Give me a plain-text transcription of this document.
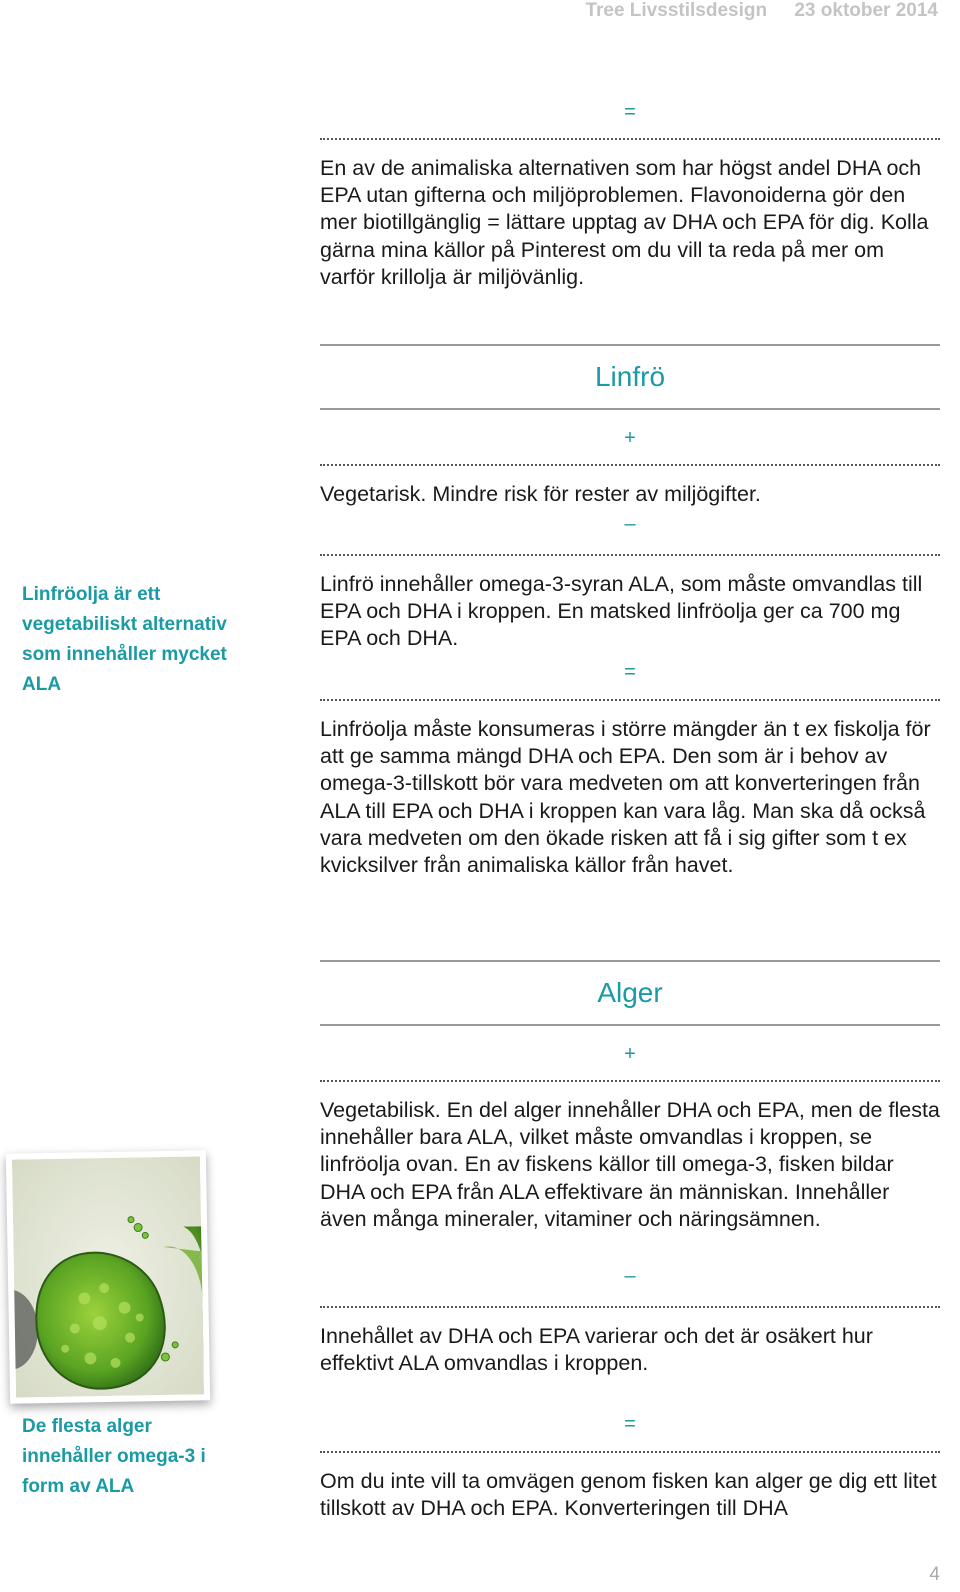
Tree Livsstilsdesign 23 oktober 2014
=

En av de animaliska alternativen som har högst andel DHA och EPA utan gifterna och miljöproblemen. Flavonoiderna gör den mer biotillgänglig = lättare upptag av DHA och EPA för dig. Kolla gärna mina källor på Pinterest om du vill ta reda på mer om varför krillolja är miljövänlig.

Linfrö
+

Vegetarisk. Mindre risk för rester av miljögifter.

–

Linfrö innehåller omega-3-syran ALA, som måste omvandlas till EPA och DHA i kroppen. En matsked linfröolja ger ca 700 mg EPA och DHA.

=

Linfröolja måste konsumeras i större mängder än t ex fiskolja för att ge samma mängd DHA och EPA. Den som är i behov av omega-3-tillskott bör vara medveten om att konverteringen från ALA till EPA och DHA i kroppen kan vara låg. Man ska då också vara medveten om den ökade risken att få i sig gifter som t ex kvicksilver från animaliska källor från havet.

Linfröolja är ett vegetabiliskt alternativ som innehåller mycket ALA
Alger
+

Vegetabilisk. En del alger innehåller DHA och EPA, men de flesta innehåller bara ALA, vilket måste omvandlas i kroppen, se linfröolja ovan. En av fiskens källor till omega-3, fisken bildar DHA och EPA från ALA effektivare än människan. Innehåller även många mineraler, vitaminer och näringsämnen.

–

Innehållet av DHA och EPA varierar och det är osäkert hur effektivt ALA omvandlas i kroppen.

=

Om du inte vill ta omvägen genom fisken kan alger ge dig ett litet tillskott av DHA och EPA. Konverteringen till DHA

De flesta alger innehåller omega-3 i form av ALA
4
